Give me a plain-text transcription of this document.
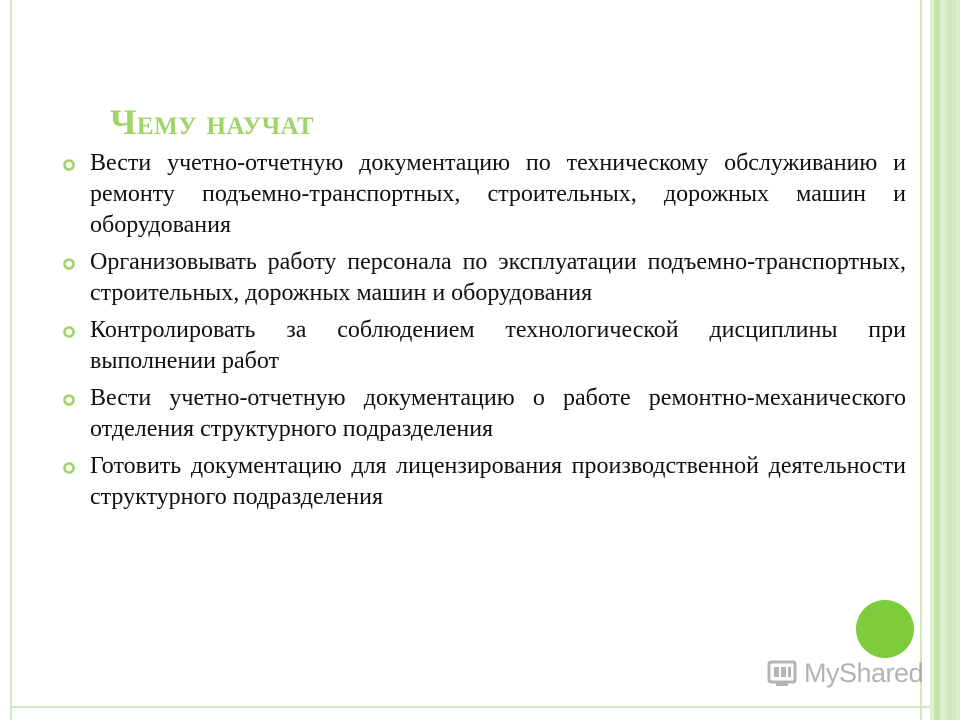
Чему научат
Вести учетно-отчетную документацию по техническому обслуживанию и ремонту подъемно-транспортных, строительных, дорожных машин и оборудования
Организовывать работу персонала по эксплуатации подъемно-транспортных, строительных, дорожных машин и оборудования
Контролировать за соблюдением технологической дисциплины при выполнении работ
Вести учетно-отчетную документацию о работе ремонтно-механического отделения структурного подразделения
Готовить документацию для лицензирования производственной деятельности структурного подразделения
MyShared
